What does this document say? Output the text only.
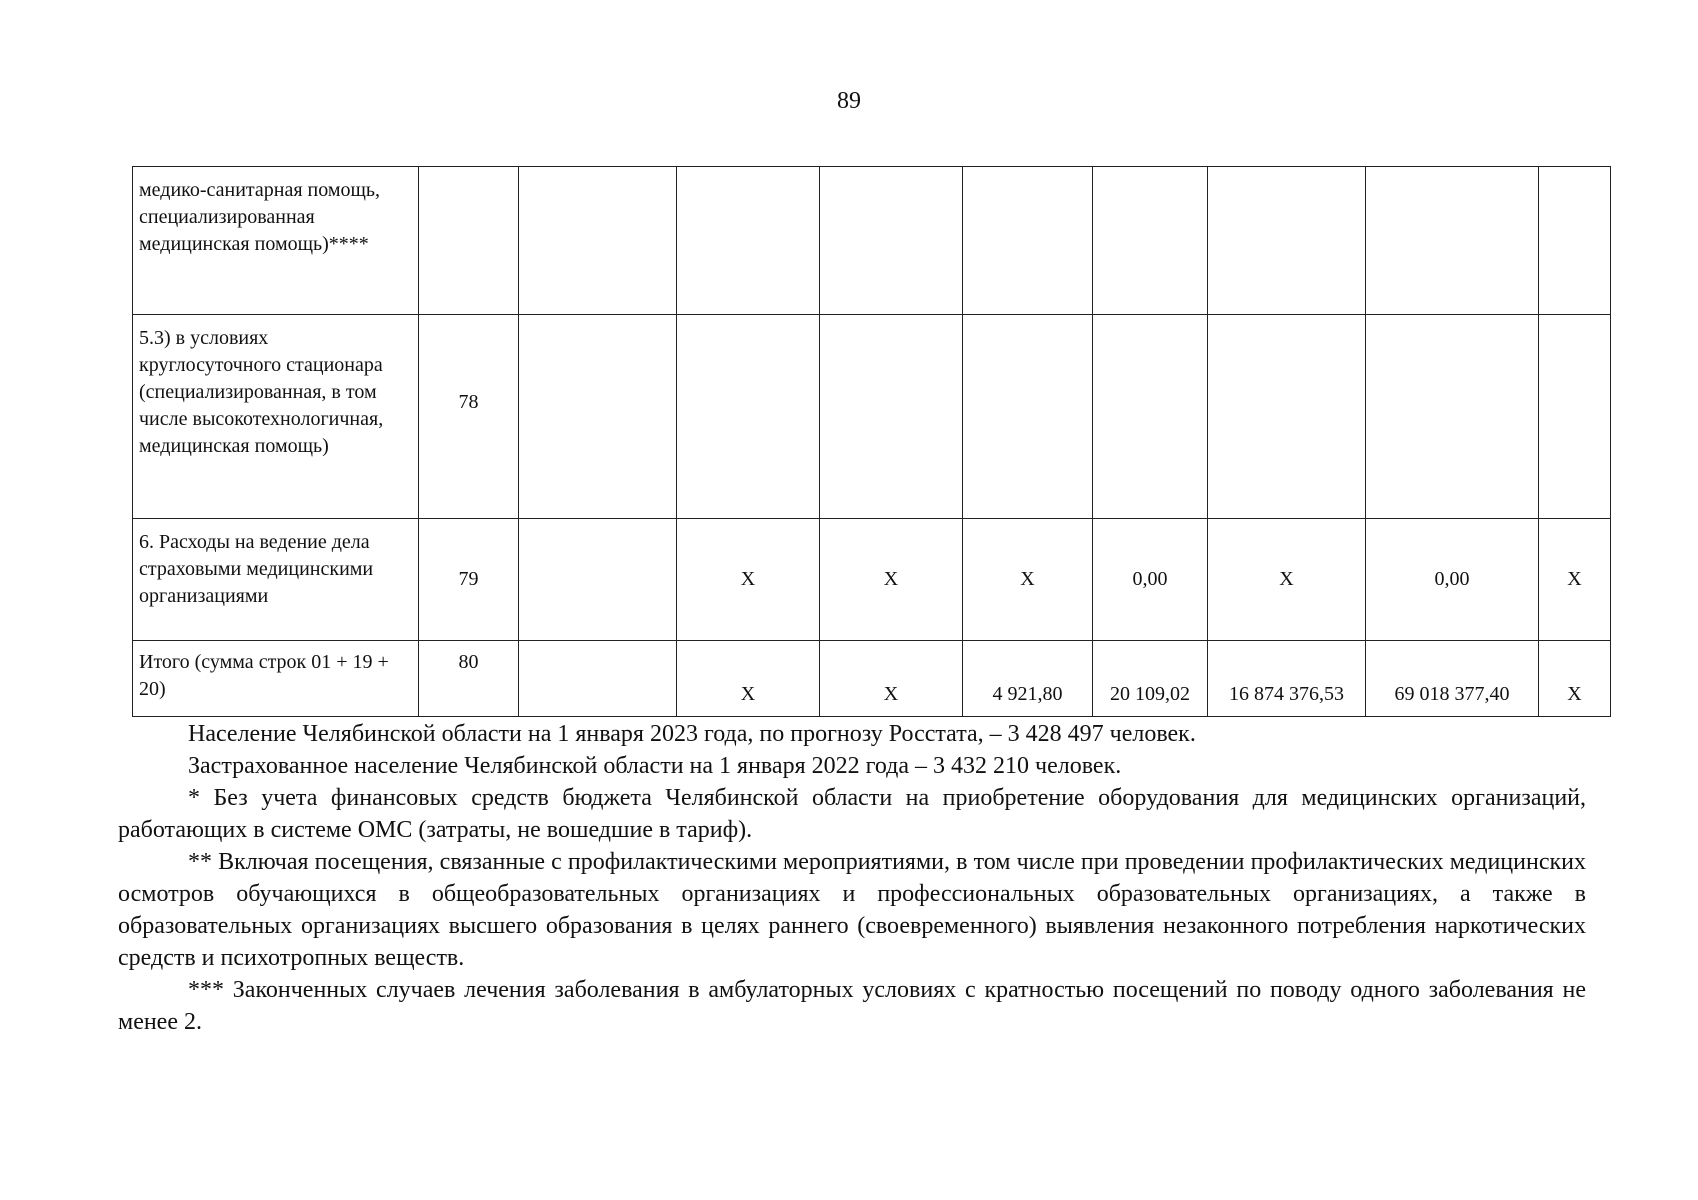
89
медико-санитарная помощь, специализированная медицинская помощь)****									
5.3) в условиях круглосуточного стационара (специализированная, в том числе высокотехнологичная, медицинская помощь)	78								
6. Расходы на ведение дела страховыми медицинскими организациями	79		Х	Х	Х	0,00	Х	0,00	Х
Итого (сумма строк 01 + 19 + 20)	80		Х	Х	4 921,80	20 109,02	16 874 376,53	69 018 377,40	Х

Население Челябинской области на 1 января 2023 года, по прогнозу Росстата, – 3 428 497 человек.

Застрахованное население Челябинской области на 1 января 2022 года – 3 432 210 человек.

* Без учета финансовых средств бюджета Челябинской области на приобретение оборудования для медицинских организаций, работающих в системе ОМС (затраты, не вошедшие в тариф).

** Включая посещения, связанные с профилактическими мероприятиями, в том числе при проведении профилактических медицинских осмотров обучающихся в общеобразовательных организациях и профессиональных образовательных организациях, а также в образовательных организациях высшего образования в целях раннего (своевременного) выявления незаконного потребления наркотических средств и психотропных веществ.

*** Законченных случаев лечения заболевания в амбулаторных условиях с кратностью посещений по поводу одного заболевания не менее 2.
